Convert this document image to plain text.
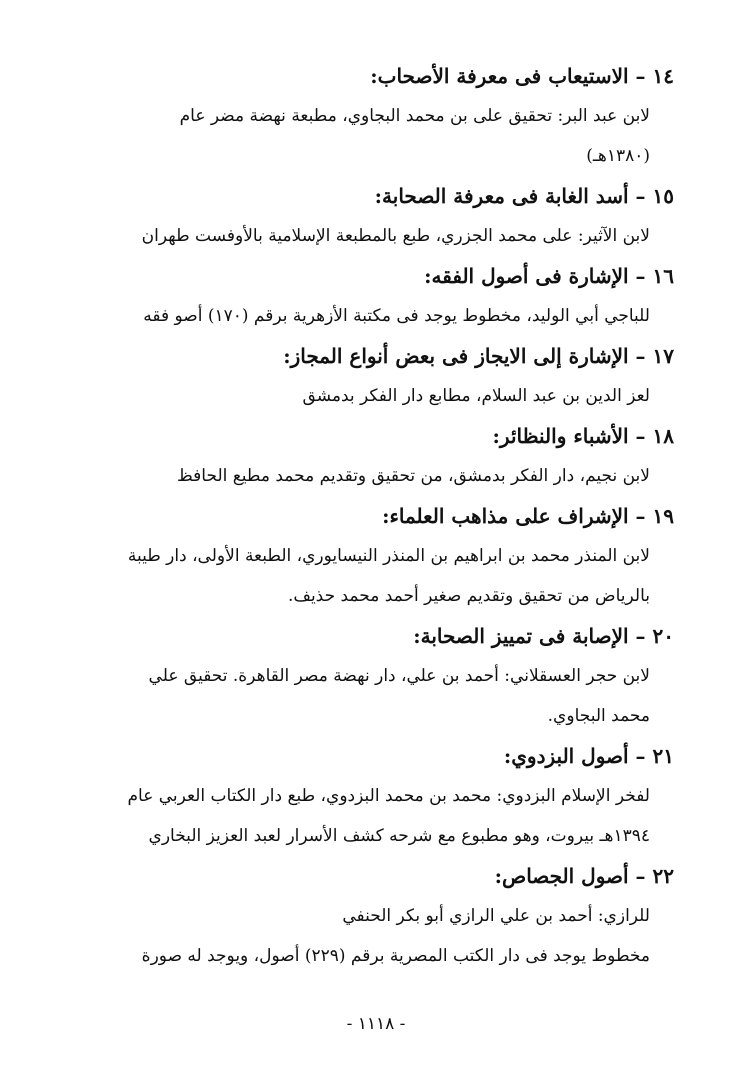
١٤ – الاستيعاب فى معرفة الأصحاب:
لابن عبد البر: تحقيق على بن محمد البجاوي، مطبعة نهضة مضر عام
(١٣٨٠هـ)
١٥ – أسد الغابة فى معرفة الصحابة:
لابن الآثير: على محمد الجزري، طبع بالمطبعة الإسلامية بالأوفست طهران
١٦ – الإشارة فى أصول الفقه:
للباجي أبي الوليد، مخطوط يوجد فى مكتبة الأزهرية برقم (١٧٠) أصو فقه
١٧ – الإشارة إلى الايجاز فى بعض أنواع المجاز:
لعز الدين بن عبد السلام، مطابع دار الفكر بدمشق
١٨ – الأشباء والنظائر:
لابن نجيم، دار الفكر بدمشق، من تحقيق وتقديم محمد مطيع الحافظ
١٩ – الإشراف على مذاهب العلماء:
لابن المنذر محمد بن ابراهيم بن المنذر النيسايوري، الطبعة الأولى، دار طيبة
بالرياض من تحقيق وتقديم صغير أحمد محمد حذيف.
٢٠ – الإصابة فى تمييز الصحابة:
لابن حجر العسقلاني: أحمد بن علي، دار نهضة مصر القاهرة. تحقيق علي
محمد البجاوي.
٢١ – أصول البزدوي:
لفخر الإسلام البزدوي: محمد بن محمد البزدوي، طبع دار الكتاب العربي عام
١٣٩٤هـ بيروت، وهو مطبوع مع شرحه كشف الأسرار لعبد العزيز البخاري
٢٢ – أصول الجصاص:
للرازي: أحمد بن علي الرازي أبو بكر الحنفي
مخطوط يوجد فى دار الكتب المصرية برقم (٢٢٩) أصول، ويوجد له صورة
- ١١١٨ -
